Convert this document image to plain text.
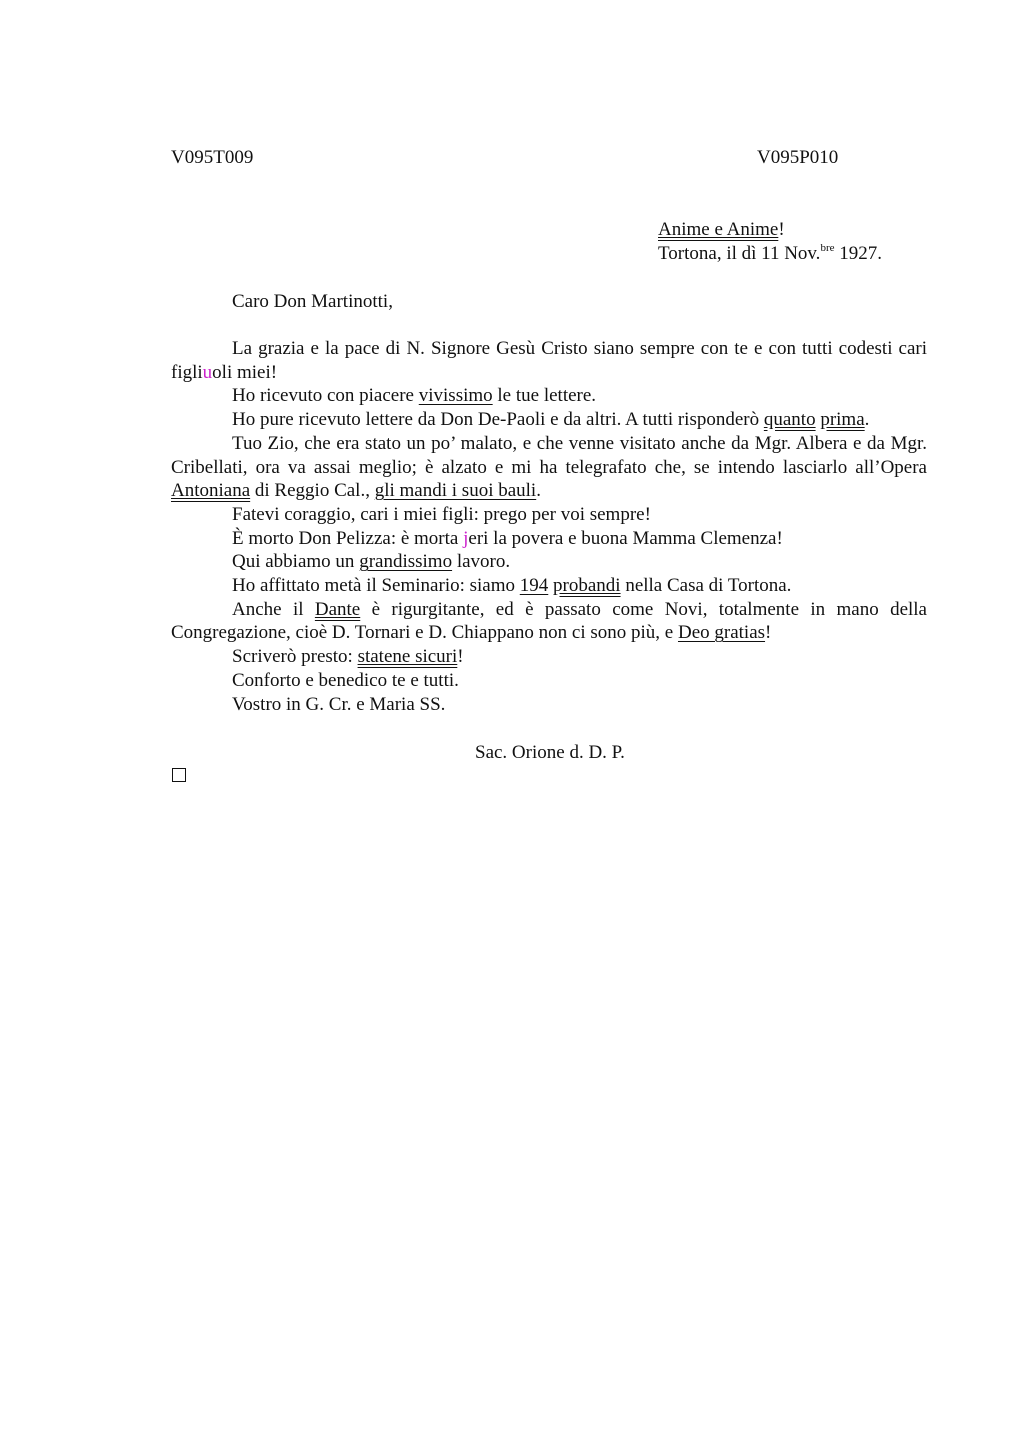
V095T009	V095P010
Anime e Anime!
Tortona, il dì 11 Nov.$^{bre}$ 1927.
Caro Don Martinotti,

La grazia e la pace di N. Signore Gesù Cristo siano sempre con te e con tutti codesti cari figliuoli miei!

Ho ricevuto con piacere vivissimo le tue lettere.

Ho pure ricevuto lettere da Don De-Paoli e da altri. A tutti risponderò quanto prima.

Tuo Zio, che era stato un po’ malato, e che venne visitato anche da Mgr. Albera e da Mgr. Cribellati, ora va assai meglio; è alzato e mi ha telegrafato che, se intendo lasciarlo all’Opera Antoniana di Reggio Cal., gli mandi i suoi bauli.

Fatevi coraggio, cari i miei figli: prego per voi sempre!

È morto Don Pelizza: è morta jeri la povera e buona Mamma Clemenza!

Qui abbiamo un grandissimo lavoro.

Ho affittato metà il Seminario: siamo 194 probandi nella Casa di Tortona.

Anche il Dante è rigurgitante, ed è passato come Novi, totalmente in mano della Congregazione, cioè D. Tornari e D. Chiappano non ci sono più, e Deo gratias!

Scriverò presto: statene sicuri!

Conforto e benedico te e tutti.

Vostro in G. Cr. e Maria SS.

Sac. Orione d. D. P.
